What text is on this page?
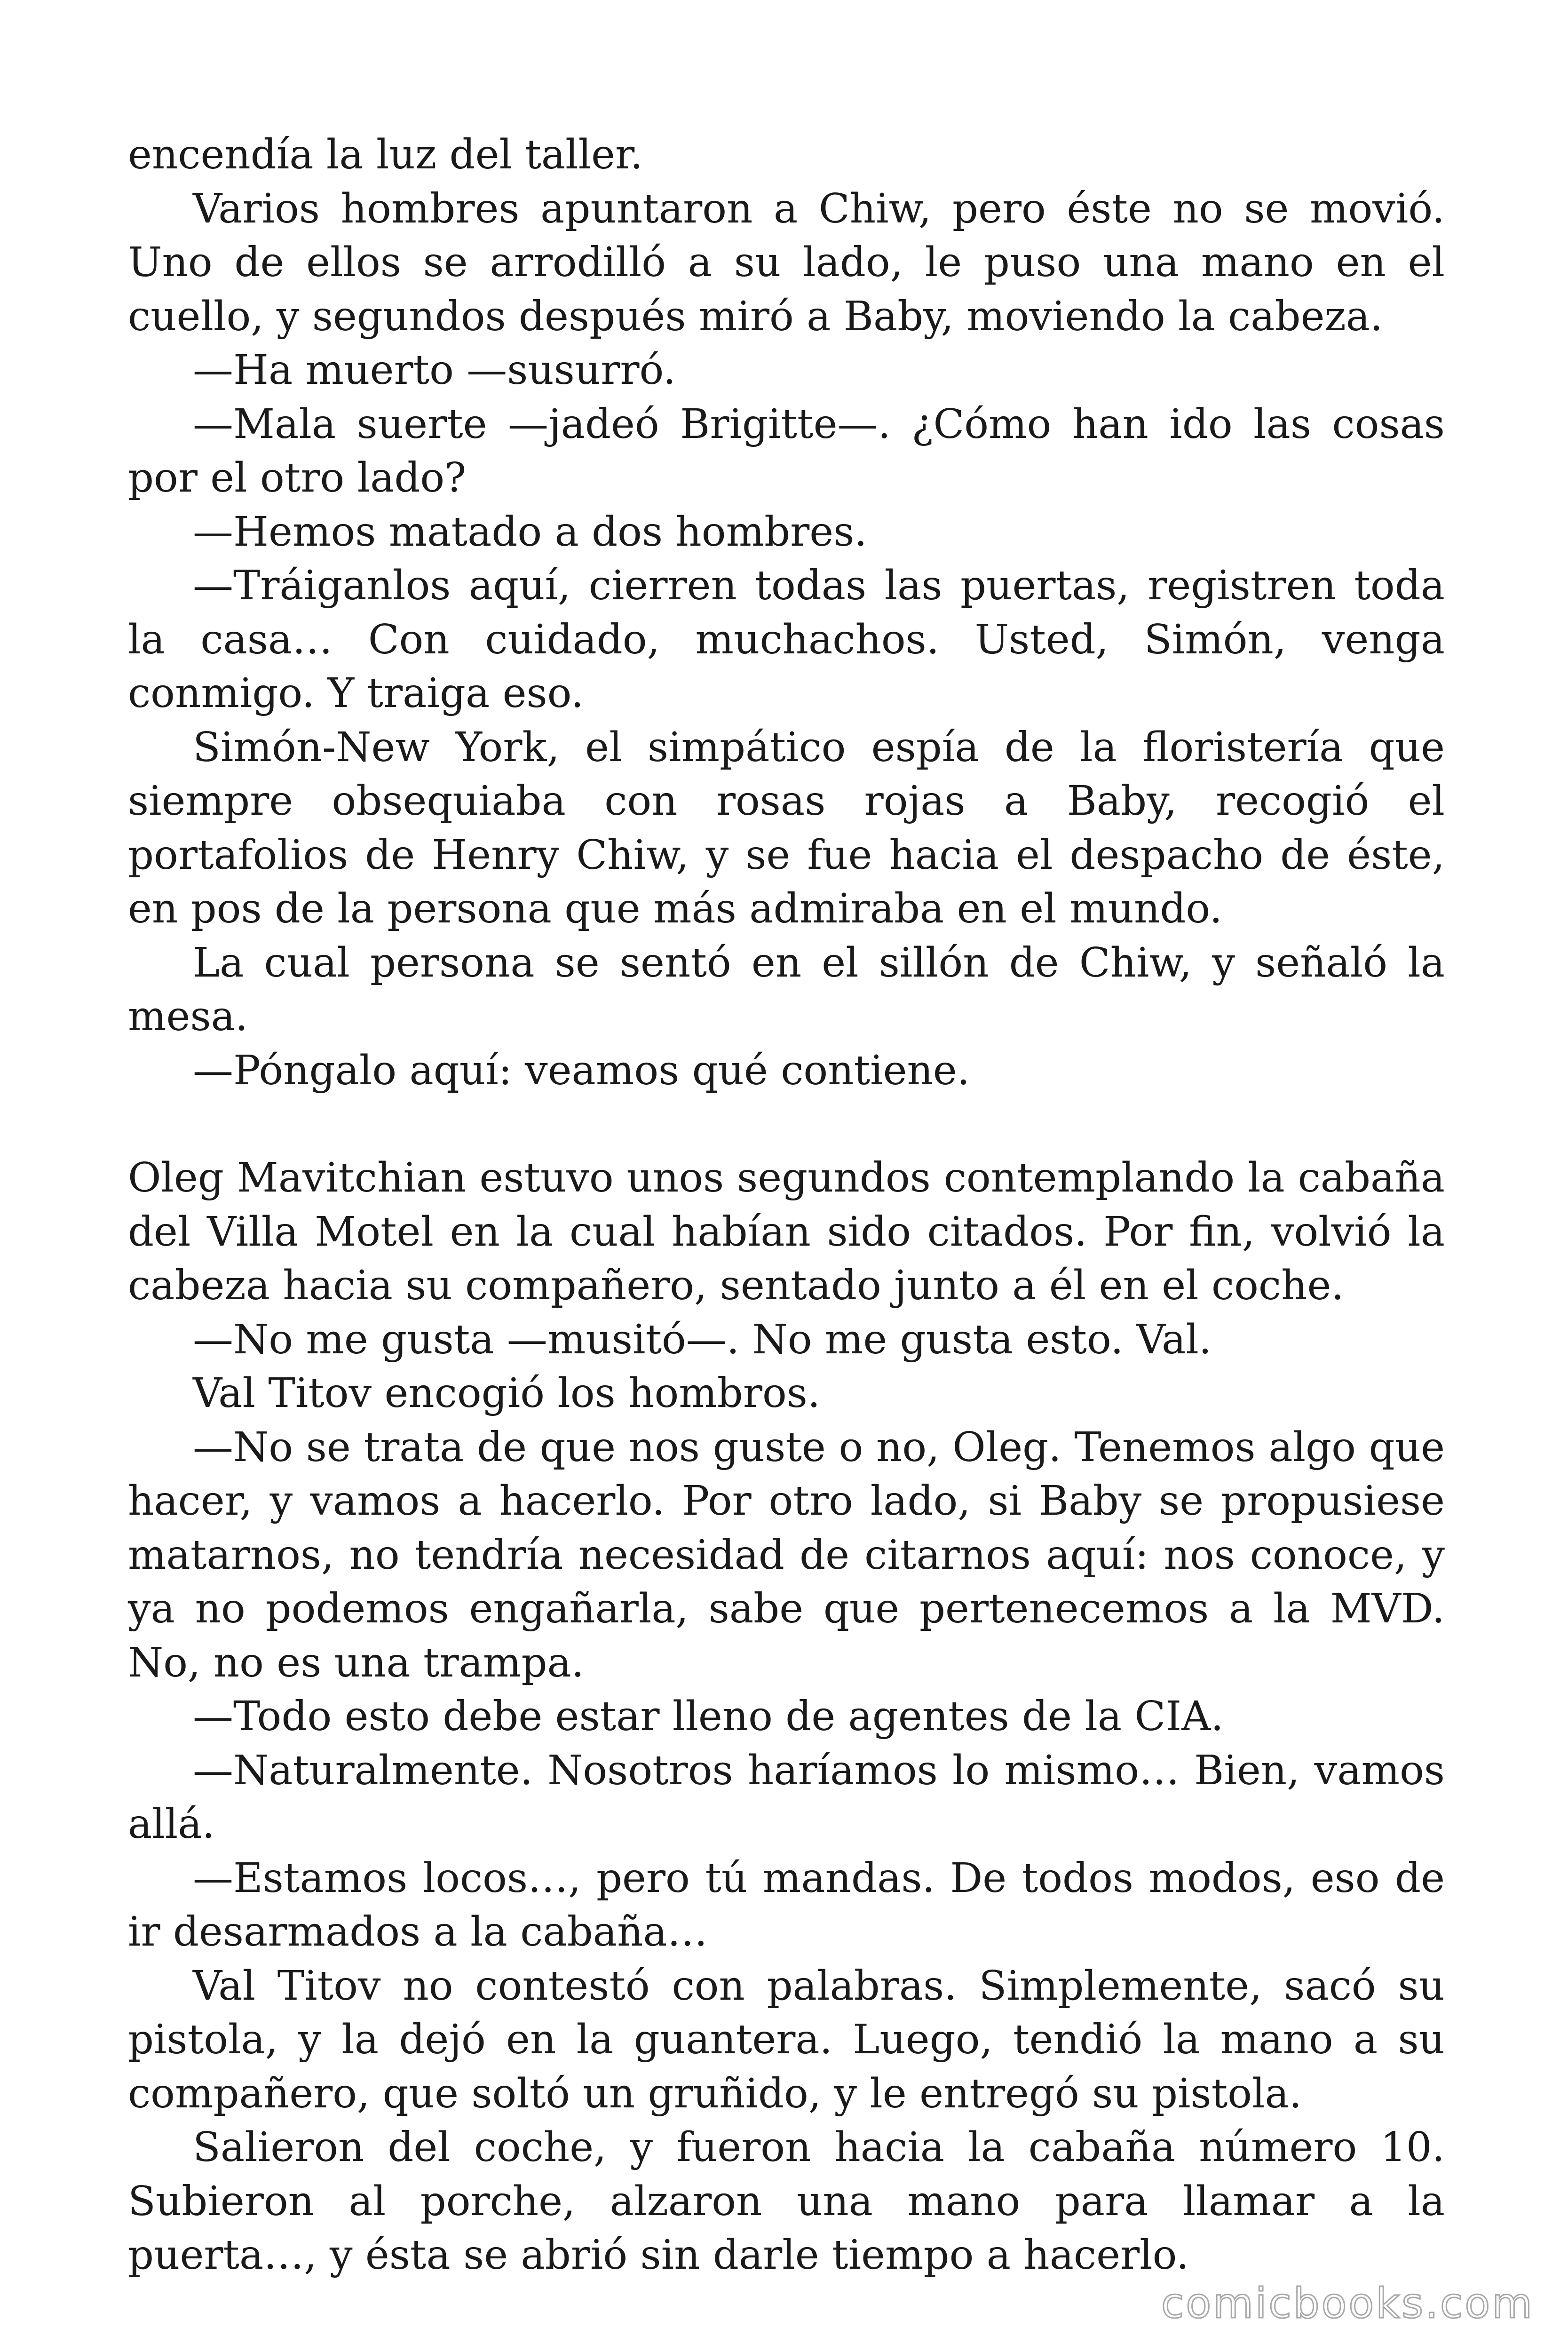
encendía la luz del taller.

Varios hombres apuntaron a Chiw, pero éste no se movió. Uno de ellos se arrodilló a su lado, le puso una mano en el cuello, y segundos después miró a Baby, moviendo la cabeza.

—Ha muerto —susurró.

—Mala suerte —jadeó Brigitte—. ¿Cómo han ido las cosas por el otro lado?

—Hemos matado a dos hombres.

—Tráiganlos aquí, cierren todas las puertas, registren toda la casa… Con cuidado, muchachos. Usted, Simón, venga conmigo. Y traiga eso.

Simón-New York, el simpático espía de la floristería que siempre obsequiaba con rosas rojas a Baby, recogió el portafolios de Henry Chiw, y se fue hacia el despacho de éste, en pos de la persona que más admiraba en el mundo.

La cual persona se sentó en el sillón de Chiw, y señaló la mesa.

—Póngalo aquí: veamos qué contiene.

Oleg Mavitchian estuvo unos segundos contemplando la cabaña del Villa Motel en la cual habían sido citados. Por fin, volvió la cabeza hacia su compañero, sentado junto a él en el coche.

—No me gusta —musitó—. No me gusta esto. Val.

Val Titov encogió los hombros.

—No se trata de que nos guste o no, Oleg. Tenemos algo que hacer, y vamos a hacerlo. Por otro lado, si Baby se propusiese matarnos, no tendría necesidad de citarnos aquí: nos conoce, y ya no podemos engañarla, sabe que pertenecemos a la MVD. No, no es una trampa.

—Todo esto debe estar lleno de agentes de la CIA.

—Naturalmente. Nosotros haríamos lo mismo… Bien, vamos allá.

—Estamos locos…, pero tú mandas. De todos modos, eso de ir desarmados a la cabaña…

Val Titov no contestó con palabras. Simplemente, sacó su pistola, y la dejó en la guantera. Luego, tendió la mano a su compañero, que soltó un gruñido, y le entregó su pistola.

Salieron del coche, y fueron hacia la cabaña número 10. Subieron al porche, alzaron una mano para llamar a la puerta…, y ésta se abrió sin darle tiempo a hacerlo.

comicbooks.com
